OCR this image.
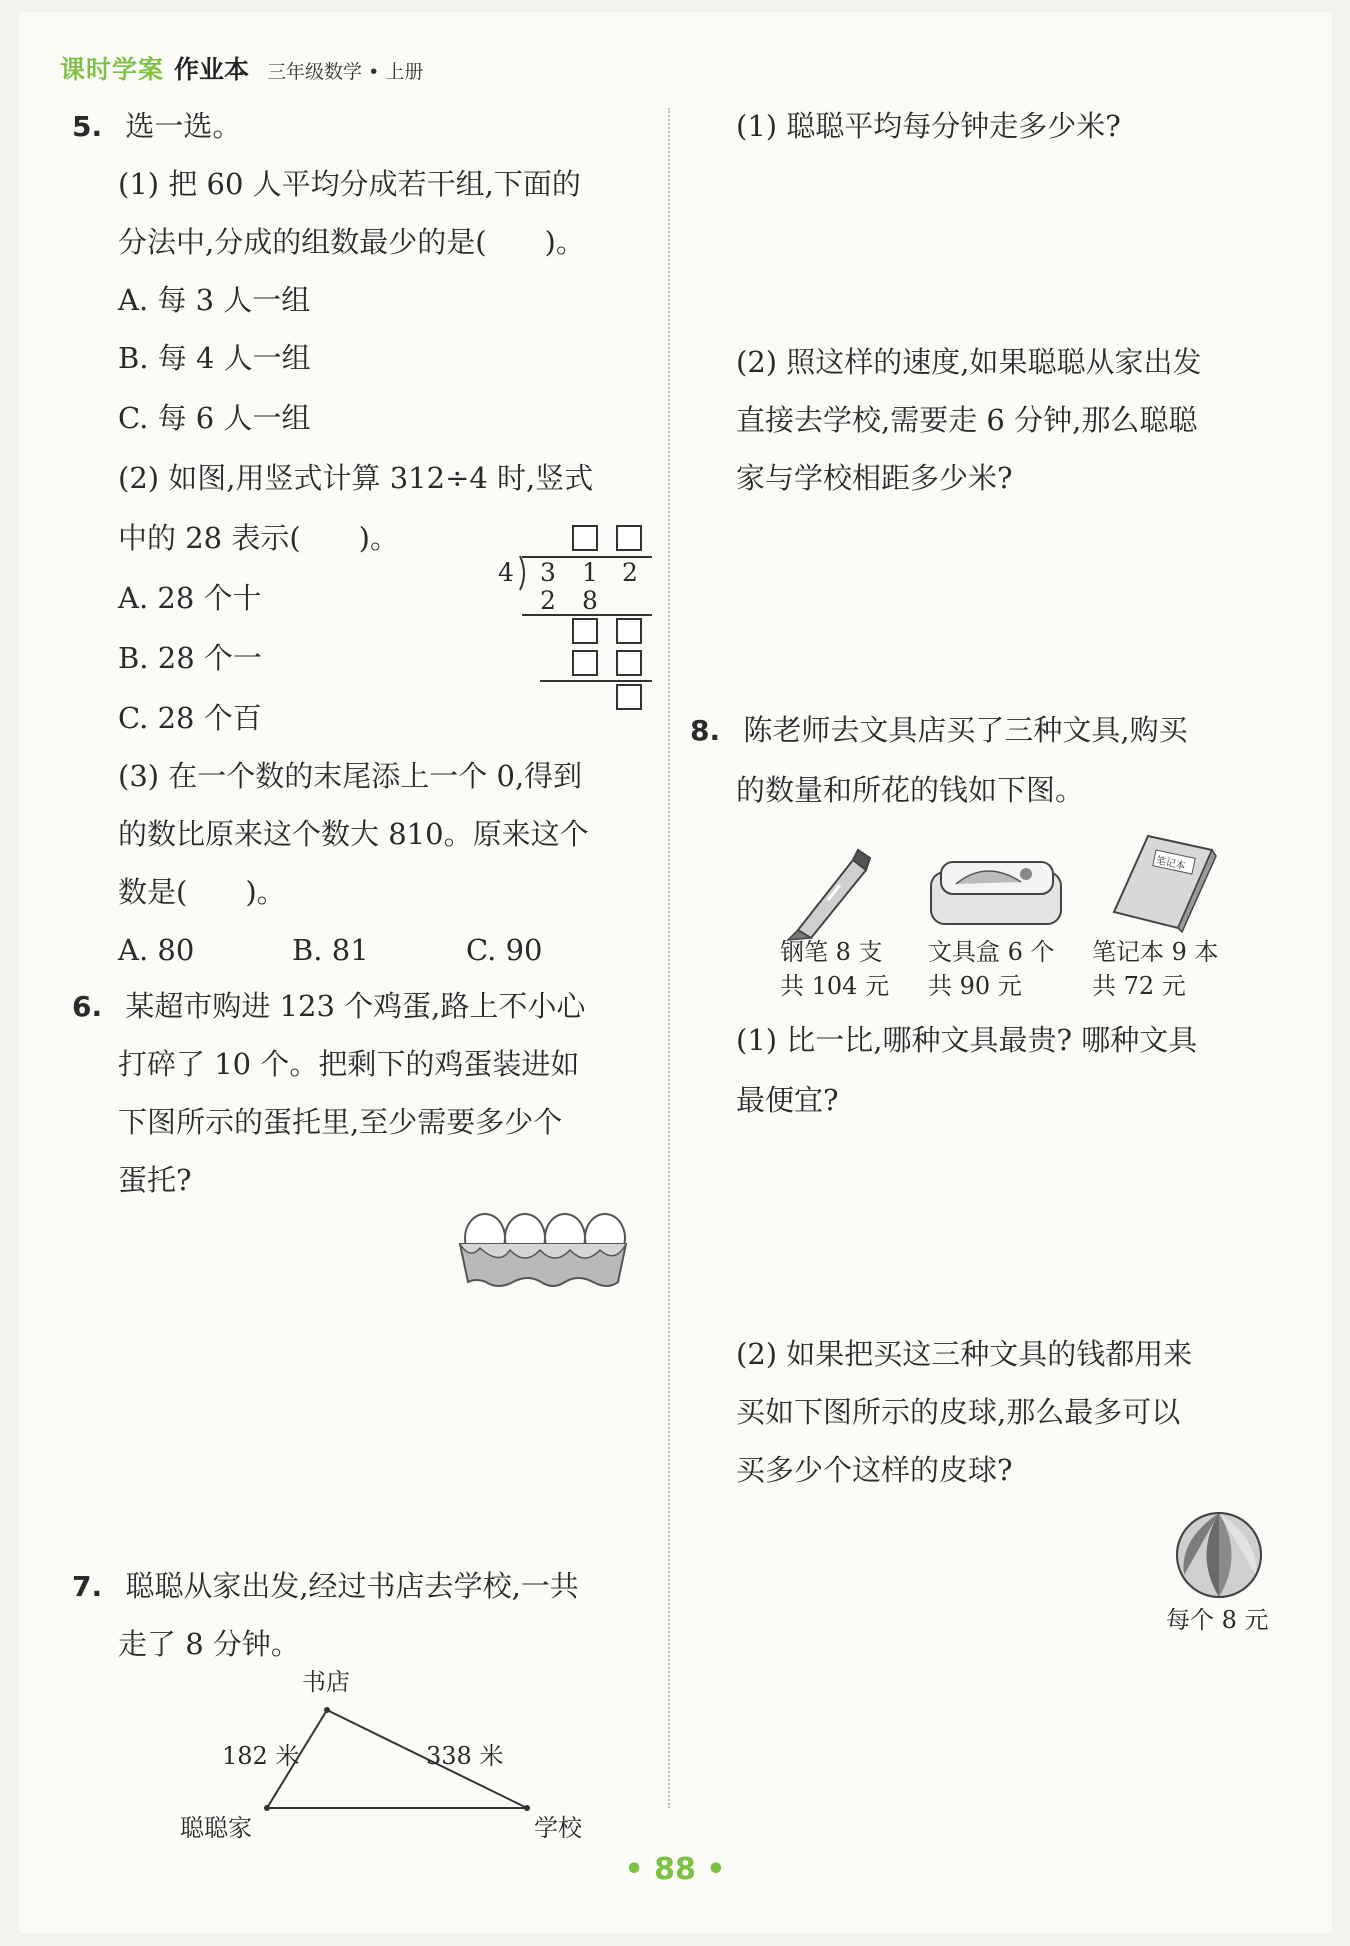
课时学案 作业本 三年级数学 • 上册
5. 选一选。
(1) 把 60 人平均分成若干组,下面的
分法中,分成的组数最少的是(　　)。
A. 每 3 人一组
B. 每 4 人一组
C. 每 6 人一组
(2) 如图,用竖式计算 312÷4 时,竖式
中的 28 表示(　　)。
A. 28 个十
B. 28 个一
C. 28 个百
4 3 1 2
2 8
(3) 在一个数的末尾添上一个 0,得到
的数比原来这个数大 810。原来这个
数是(　　)。
A. 80	B. 81	C. 90
6. 某超市购进 123 个鸡蛋,路上不小心
打碎了 10 个。把剩下的鸡蛋装进如
下图所示的蛋托里,至少需要多少个
蛋托?
7. 聪聪从家出发,经过书店去学校,一共
走了 8 分钟。
书店
聪聪家	学校
182 米	338 米
(1) 聪聪平均每分钟走多少米?
(2) 照这样的速度,如果聪聪从家出发
直接去学校,需要走 6 分钟,那么聪聪
家与学校相距多少米?
8. 陈老师去文具店买了三种文具,购买
的数量和所花的钱如下图。
钢笔 8 支
共 104 元
文具盒 6 个
共 90 元
笔记本
笔记本 9 本
共 72 元
(1) 比一比,哪种文具最贵? 哪种文具
最便宜?
(2) 如果把买这三种文具的钱都用来
买如下图所示的皮球,那么最多可以
买多少个这样的皮球?
每个 8 元
• 88 •
